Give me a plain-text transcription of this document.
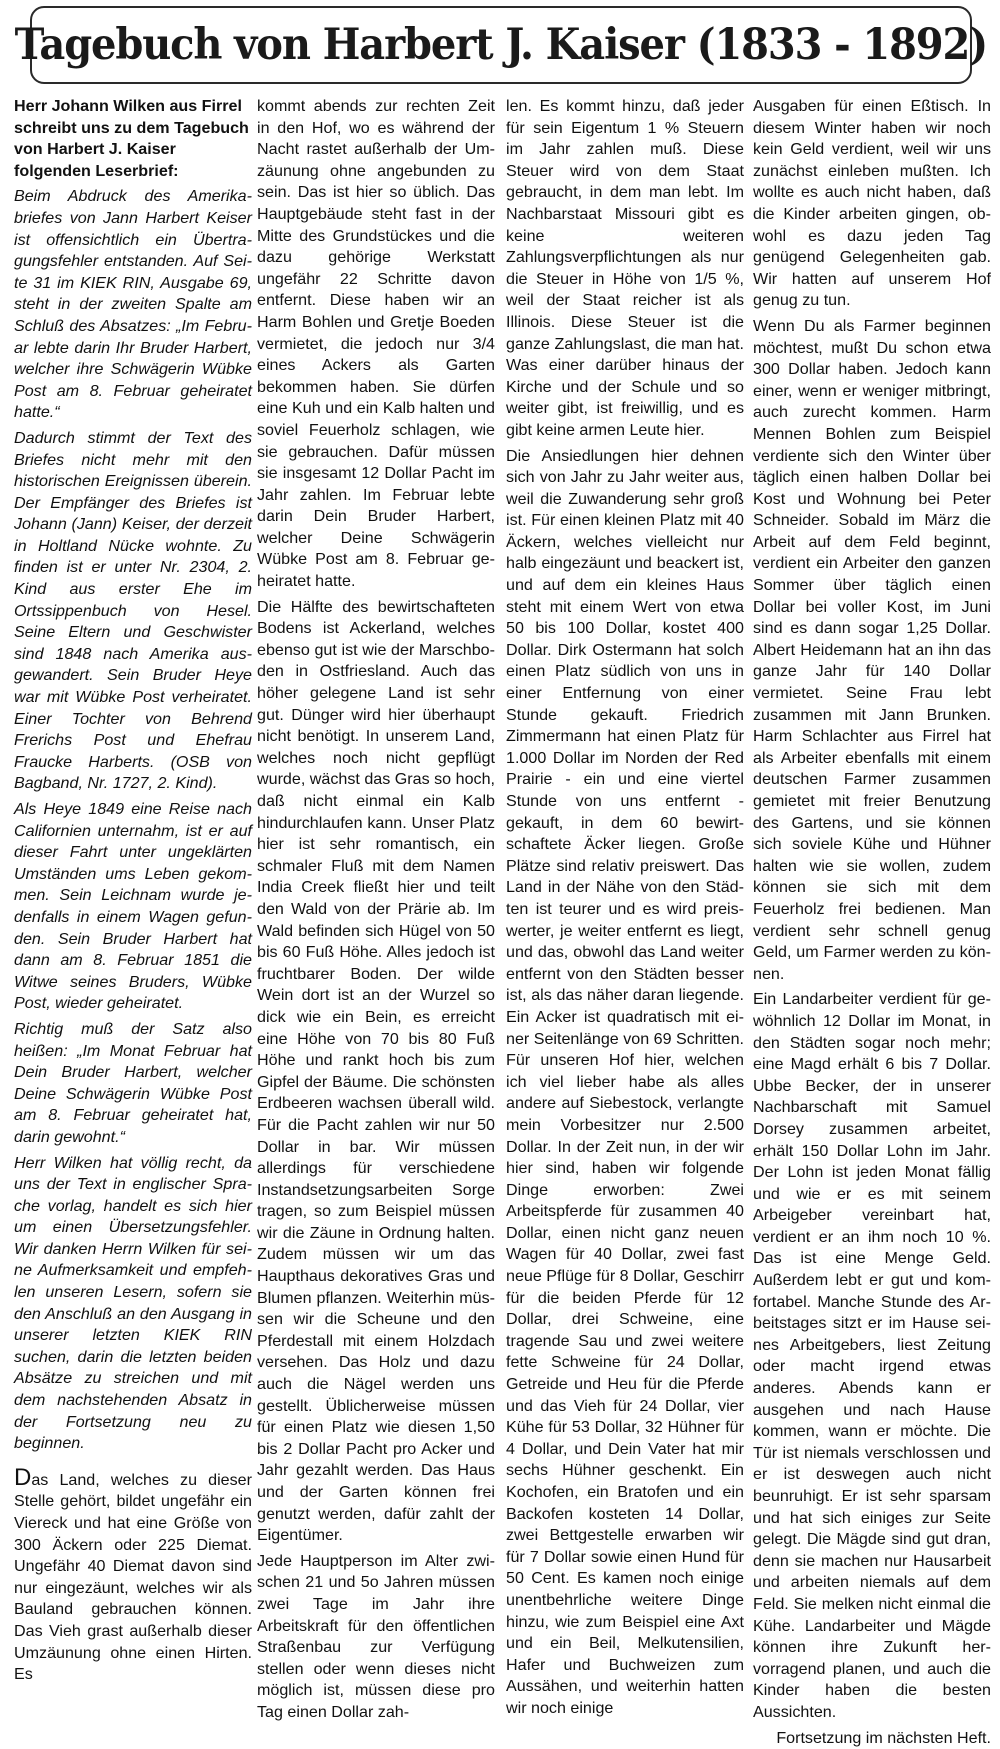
Tagebuch von Harbert J. Kaiser (1833 - 1892)

Herr Johann Wilken aus Firrel schreibt uns zu dem Tagebuch von Harbert J. Kaiser folgenden Leserbrief:

Beim Abdruck des Amerikabriefes von Jann Harbert Keiser ist offensichtlich ein Übertragungsfehler entstanden. Auf Seite 31 im KIEK RIN, Ausgabe 69, steht in der zweiten Spalte am Schluß des Absatzes: „Im Februar lebte darin Ihr Bruder Harbert, welcher ihre Schwägerin Wübke Post am 8. Februar geheiratet hatte.“

Dadurch stimmt der Text des Briefes nicht mehr mit den historischen Ereignissen überein. Der Empfänger des Briefes ist Johann (Jann) Keiser, der derzeit in Holtland Nücke wohnte. Zu finden ist er unter Nr. 2304, 2. Kind aus erster Ehe im Ortssippenbuch von Hesel. Seine Eltern und Geschwister sind 1848 nach Amerika ausgewandert. Sein Bruder Heye war mit Wübke Post verheiratet. Einer Tochter von Behrend Frerichs Post und Ehefrau Fraucke Harberts. (OSB von Bagband, Nr. 1727, 2. Kind).

Als Heye 1849 eine Reise nach Californien unternahm, ist er auf dieser Fahrt unter ungeklärten Umständen ums Leben gekommen. Sein Leichnam wurde jedenfalls in einem Wagen gefunden. Sein Bruder Harbert hat dann am 8. Februar 1851 die Witwe seines Bruders, Wübke Post, wieder geheiratet.

Richtig muß der Satz also heißen: „Im Monat Februar hat Dein Bruder Harbert, welcher Deine Schwägerin Wübke Post am 8. Februar geheiratet hat, darin gewohnt.“

Herr Wilken hat völlig recht, da uns der Text in englischer Sprache vorlag, handelt es sich hier um einen Übersetzungsfehler. Wir danken Herrn Wilken für seine Aufmerksamkeit und empfehlen unseren Lesern, sofern sie den Anschluß an den Ausgang in unserer letzten KIEK RIN suchen, darin die letzten beiden Absätze zu streichen und mit dem nachstehenden Absatz in der Fortsetzung neu zu beginnen.

Das Land, welches zu dieser Stelle gehört, bildet ungefähr ein Viereck und hat eine Größe von 300 Äckern oder 225 Diemat. Ungefähr 40 Diemat davon sind nur eingezäunt, welches wir als Bauland gebrauchen können. Das Vieh grast außerhalb dieser Umzäunung ohne einen Hirten. Es

kommt abends zur rechten Zeit in den Hof, wo es während der Nacht rastet außerhalb der Umzäunung ohne angebunden zu sein. Das ist hier so üblich. Das Hauptgebäude steht fast in der Mitte des Grundstückes und die dazu gehörige Werkstatt ungefähr 22 Schritte davon entfernt. Diese haben wir an Harm Bohlen und Gretje Boeden vermietet, die jedoch nur 3/4 eines Ackers als Garten bekommen haben. Sie dürfen eine Kuh und ein Kalb halten und soviel Feuerholz schlagen, wie sie gebrauchen. Dafür müssen sie insgesamt 12 Dollar Pacht im Jahr zahlen. Im Februar lebte darin Dein Bruder Harbert, welcher Deine Schwägerin Wübke Post am 8. Februar geheiratet hatte.

Die Hälfte des bewirtschafteten Bodens ist Ackerland, welches ebenso gut ist wie der Marschboden in Ostfriesland. Auch das höher gelegene Land ist sehr gut. Dünger wird hier überhaupt nicht benötigt. In unserem Land, welches noch nicht gepflügt wurde, wächst das Gras so hoch, daß nicht einmal ein Kalb hindurchlaufen kann. Unser Platz hier ist sehr romantisch, ein schmaler Fluß mit dem Namen India Creek fließt hier und teilt den Wald von der Prärie ab. Im Wald befinden sich Hügel von 50 bis 60 Fuß Höhe. Alles jedoch ist fruchtbarer Boden. Der wilde Wein dort ist an der Wurzel so dick wie ein Bein, es erreicht eine Höhe von 70 bis 80 Fuß Höhe und rankt hoch bis zum Gipfel der Bäume. Die schönsten Erdbeeren wachsen überall wild. Für die Pacht zahlen wir nur 50 Dollar in bar. Wir müssen allerdings für verschiedene Instandsetzungsarbeiten Sorge tragen, so zum Beispiel müssen wir die Zäune in Ordnung halten. Zudem müssen wir um das Haupthaus dekoratives Gras und Blumen pflanzen. Weiterhin müssen wir die Scheune und den Pferdestall mit einem Holzdach versehen. Das Holz und dazu auch die Nägel werden uns gestellt. Üblicherweise müssen für einen Platz wie diesen 1,50 bis 2 Dollar Pacht pro Acker und Jahr gezahlt werden. Das Haus und der Garten können frei genutzt werden, dafür zahlt der Eigentümer.

Jede Hauptperson im Alter zwischen 21 und 5o Jahren müssen zwei Tage im Jahr ihre Arbeitskraft für den öffentlichen Straßenbau zur Verfügung stellen oder wenn dieses nicht möglich ist, müssen diese pro Tag einen Dollar zah-

len. Es kommt hinzu, daß jeder für sein Eigentum 1 % Steuern im Jahr zahlen muß. Diese Steuer wird von dem Staat gebraucht, in dem man lebt. Im Nachbarstaat Missouri gibt es keine weiteren Zahlungsverpflichtungen als nur die Steuer in Höhe von 1/5 %, weil der Staat reicher ist als Illinois. Diese Steuer ist die ganze Zahlungslast, die man hat. Was einer darüber hinaus der Kirche und der Schule und so weiter gibt, ist freiwillig, und es gibt keine armen Leute hier.

Die Ansiedlungen hier dehnen sich von Jahr zu Jahr weiter aus, weil die Zuwanderung sehr groß ist. Für einen kleinen Platz mit 40 Äckern, welches vielleicht nur halb eingezäunt und beackert ist, und auf dem ein kleines Haus steht mit einem Wert von etwa 50 bis 100 Dollar, kostet 400 Dollar. Dirk Ostermann hat solch einen Platz südlich von uns in einer Entfernung von einer Stunde gekauft. Friedrich Zimmermann hat einen Platz für 1.000 Dollar im Norden der Red Prairie - ein und eine viertel Stunde von uns entfernt - gekauft, in dem 60 bewirtschaftete Äcker liegen. Große Plätze sind relativ preiswert. Das Land in der Nähe von den Städten ist teurer und es wird preiswerter, je weiter entfernt es liegt, und das, obwohl das Land weiter entfernt von den Städten besser ist, als das näher daran liegende. Ein Acker ist quadratisch mit einer Seitenlänge von 69 Schritten. Für unseren Hof hier, welchen ich viel lieber habe als alles andere auf Siebestock, verlangte mein Vorbesitzer nur 2.500 Dollar. In der Zeit nun, in der wir hier sind, haben wir folgende Dinge erworben: Zwei Arbeitspferde für zusammen 40 Dollar, einen nicht ganz neuen Wagen für 40 Dollar, zwei fast neue Pflüge für 8 Dollar, Geschirr für die beiden Pferde für 12 Dollar, drei Schweine, eine tragende Sau und zwei weitere fette Schweine für 24 Dollar, Getreide und Heu für die Pferde und das Vieh für 24 Dollar, vier Kühe für 53 Dollar, 32 Hühner für 4 Dollar, und Dein Vater hat mir sechs Hühner geschenkt. Ein Kochofen, ein Bratofen und ein Backofen kosteten 14 Dollar, zwei Bettgestelle erwarben wir für 7 Dollar sowie einen Hund für 50 Cent. Es kamen noch einige unentbehrliche weitere Dinge hinzu, wie zum Beispiel eine Axt und ein Beil, Melkutensilien, Hafer und Buchweizen zum Aussähen, und weiterhin hatten wir noch einige

Ausgaben für einen Eßtisch. In diesem Winter haben wir noch kein Geld verdient, weil wir uns zunächst einleben mußten. Ich wollte es auch nicht haben, daß die Kinder arbeiten gingen, obwohl es dazu jeden Tag genügend Gelegenheiten gab. Wir hatten auf unserem Hof genug zu tun.

Wenn Du als Farmer beginnen möchtest, mußt Du schon etwa 300 Dollar haben. Jedoch kann einer, wenn er weniger mitbringt, auch zurecht kommen. Harm Mennen Bohlen zum Beispiel verdiente sich den Winter über täglich einen halben Dollar bei Kost und Wohnung bei Peter Schneider. Sobald im März die Arbeit auf dem Feld beginnt, verdient ein Arbeiter den ganzen Sommer über täglich einen Dollar bei voller Kost, im Juni sind es dann sogar 1,25 Dollar. Albert Heidemann hat an ihn das ganze Jahr für 140 Dollar vermietet. Seine Frau lebt zusammen mit Jann Brunken. Harm Schlachter aus Firrel hat als Arbeiter ebenfalls mit einem deutschen Farmer zusammen gemietet mit freier Benutzung des Gartens, und sie können sich soviele Kühe und Hühner halten wie sie wollen, zudem können sie sich mit dem Feuerholz frei bedienen. Man verdient sehr schnell genug Geld, um Farmer werden zu können.

Ein Landarbeiter verdient für gewöhnlich 12 Dollar im Monat, in den Städten sogar noch mehr; eine Magd erhält 6 bis 7 Dollar. Ubbe Becker, der in unserer Nachbarschaft mit Samuel Dorsey zusammen arbeitet, erhält 150 Dollar Lohn im Jahr. Der Lohn ist jeden Monat fällig und wie er es mit seinem Arbeigeber vereinbart hat, verdient er an ihm noch 10 %. Das ist eine Menge Geld. Außerdem lebt er gut und komfortabel. Manche Stunde des Arbeitstages sitzt er im Hause seines Arbeitgebers, liest Zeitung oder macht irgend etwas anderes. Abends kann er ausgehen und nach Hause kommen, wann er möchte. Die Tür ist niemals verschlossen und er ist deswegen auch nicht beunruhigt. Er ist sehr sparsam und hat sich einiges zur Seite gelegt. Die Mägde sind gut dran, denn sie machen nur Hausarbeit und arbeiten niemals auf dem Feld. Sie melken nicht einmal die Kühe. Landarbeiter und Mägde können ihre Zukunft hervorragend planen, und auch die Kinder haben die besten Aussichten.

Fortsetzung im nächsten Heft.
